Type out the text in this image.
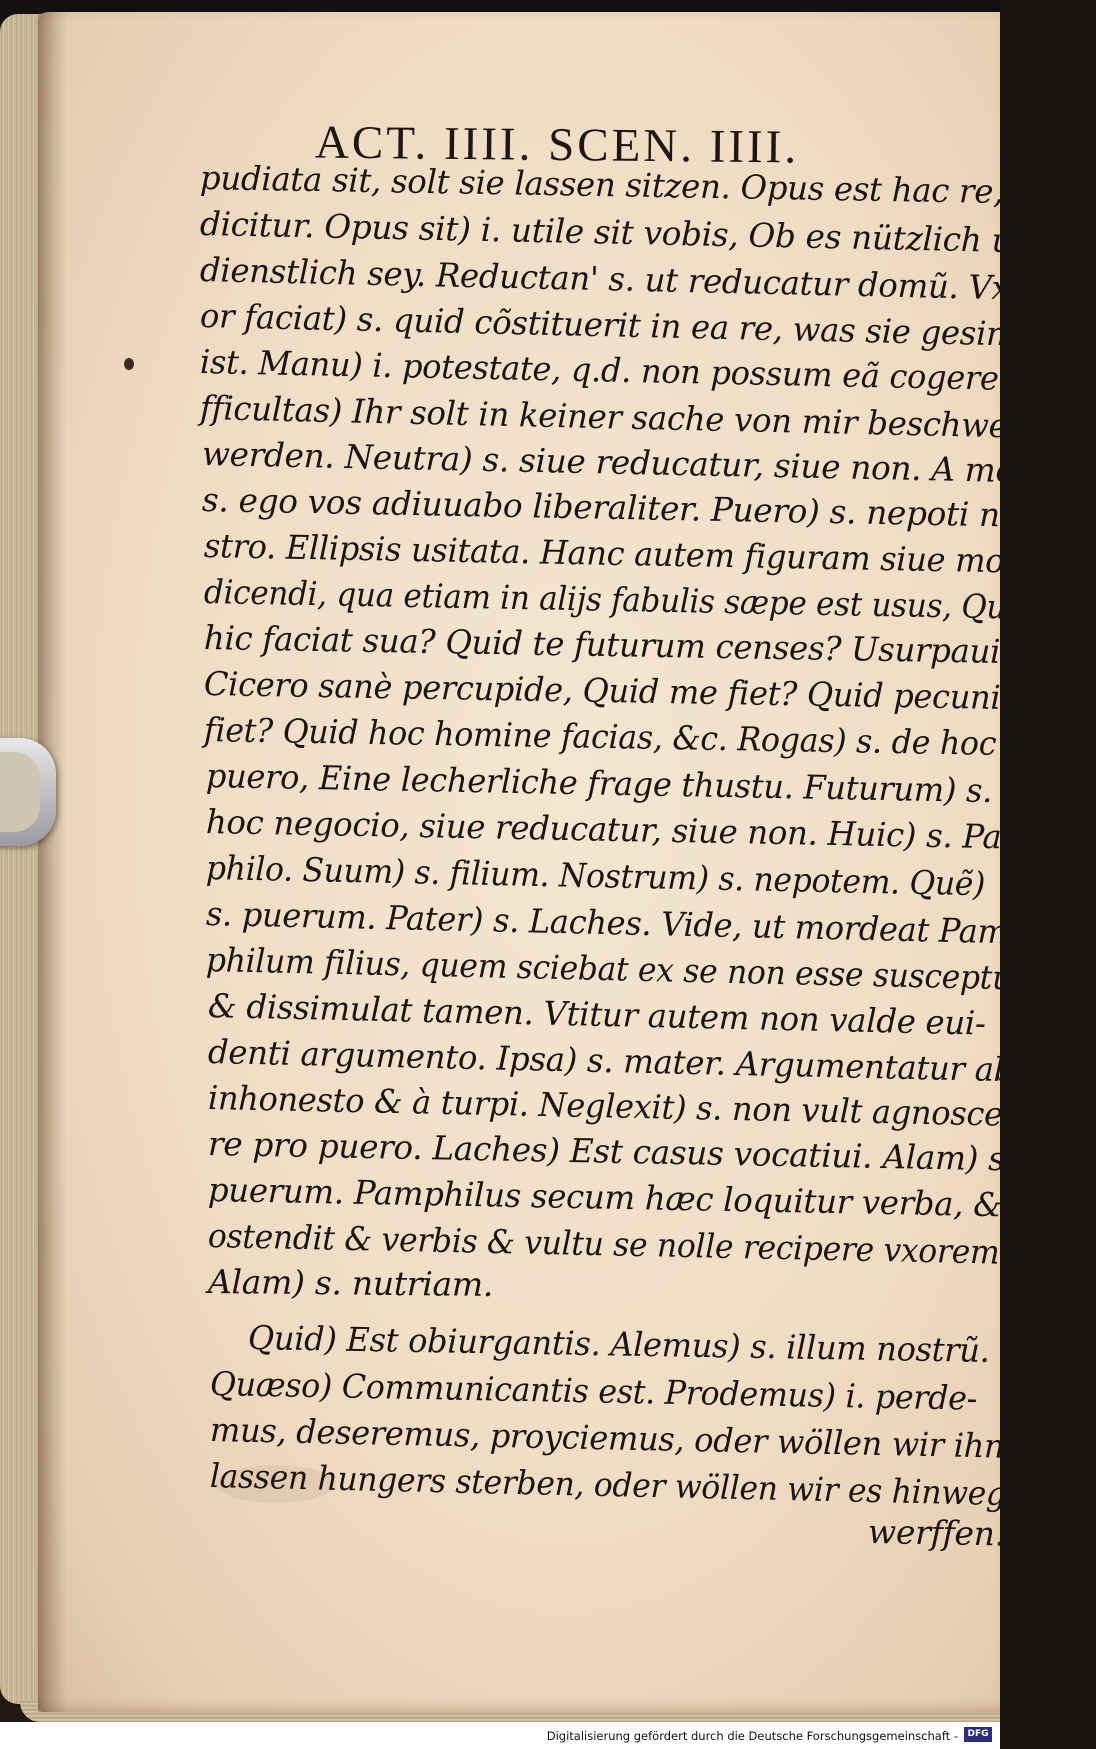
ACT. IIII. SCEN. IIII.
pudiata sit, solt sie lassen sitzen. Opus est hac re, antiq
dicitur. Opus sit) i. utile sit vobis, Ob es nützlich und
dienstlich sey. Reductan' s. ut reducatur domũ. Vx-
or faciat) s. quid cõstituerit in ea re, was sie gesinnet
ist. Manu) i. potestate, q.d. non possum eã cogere. Di-
fficultas) Ihr solt in keiner sache von mir beschwert
werden. Neutra) s. siue reducatur, siue non. A me)
s. ego vos adiuuabo liberaliter. Puero) s. nepoti no-
stro. Ellipsis usitata. Hanc autem figuram siue morẽ
dicendi, qua etiam in alijs fabulis sæpe est usus, Quid
hic faciat sua? Quid te futurum censes? Usurpauit
Cicero sanè percupide, Quid me fiet? Quid pecunia
fiet? Quid hoc homine facias, &c. Rogas) s. de hoc
puero, Eine lecherliche frage thustu. Futurum) s. in
hoc negocio, siue reducatur, siue non. Huic) s. Pam-
philo. Suum) s. filium. Nostrum) s. nepotem. Quẽ)
s. puerum. Pater) s. Laches. Vide, ut mordeat Pam-
philum filius, quem sciebat ex se non esse susceptum,
& dissimulat tamen. Vtitur autem non valde eui-
denti argumento. Ipsa) s. mater. Argumentatur ab
inhonesto & à turpi. Neglexit) s. non vult agnosce-
re pro puero. Laches) Est casus vocatiui. Alam) s.
puerum. Pamphilus secum hæc loquitur verba, &
ostendit & verbis & vultu se nolle recipere vxorem.
Alam) s. nutriam.
Quid) Est obiurgantis. Alemus) s. illum nostrũ.
Quæso) Communicantis est. Prodemus) i. perde-
mus, deseremus, proyciemus, oder wöllen wir ihn
lassen hungers sterben, oder wöllen wir es hinweg
werffen.
Digitalisierung gefördert durch die Deutsche Forschungsgemeinschaft -	DFG
